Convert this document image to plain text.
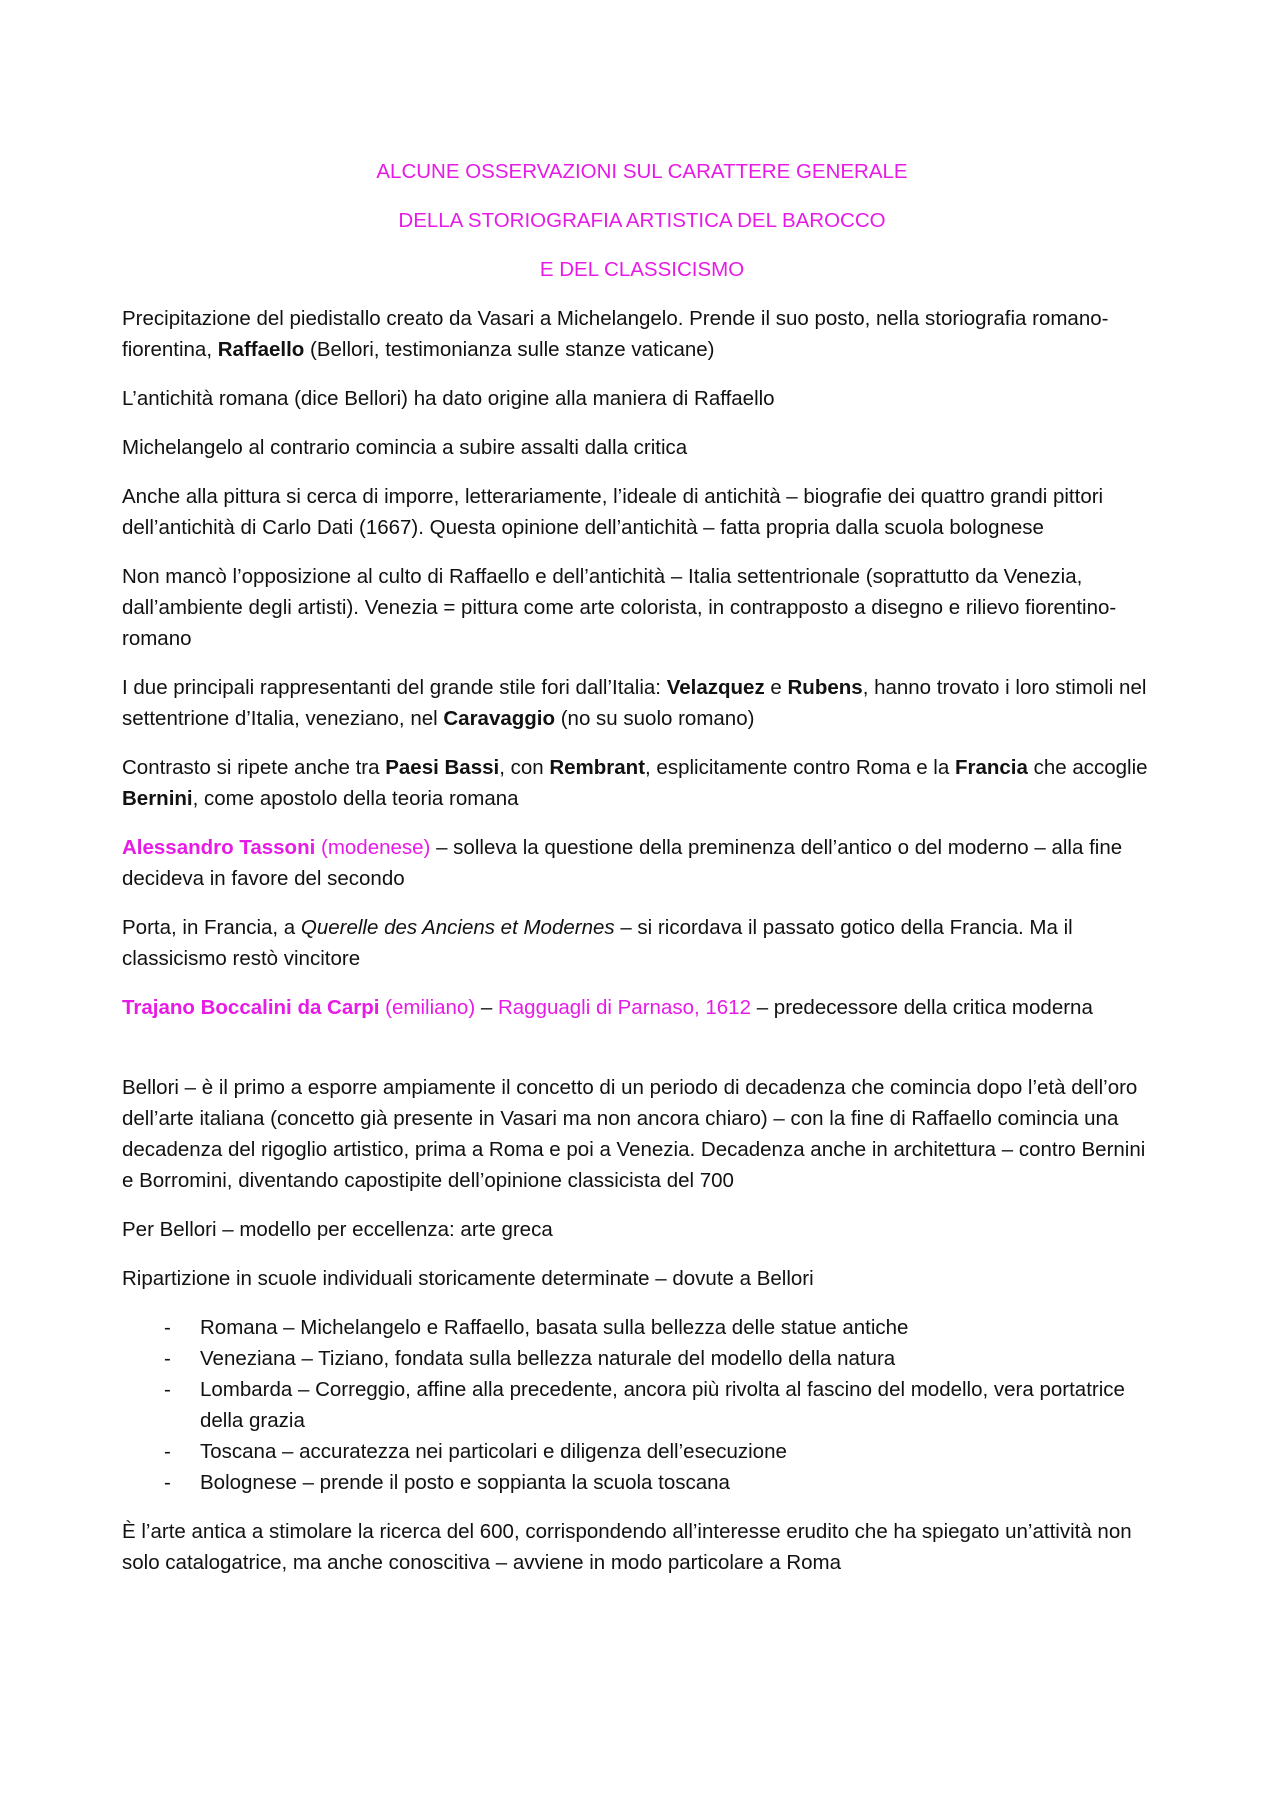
ALCUNE OSSERVAZIONI SUL CARATTERE GENERALE
DELLA STORIOGRAFIA ARTISTICA DEL BAROCCO
E DEL CLASSICISMO

Precipitazione del piedistallo creato da Vasari a Michelangelo. Prende il suo posto, nella storiografia romano-fiorentina, Raffaello (Bellori, testimonianza sulle stanze vaticane)

L’antichità romana (dice Bellori) ha dato origine alla maniera di Raffaello

Michelangelo al contrario comincia a subire assalti dalla critica

Anche alla pittura si cerca di imporre, letterariamente, l’ideale di antichità – biografie dei quattro grandi pittori dell’antichità di Carlo Dati (1667). Questa opinione dell’antichità – fatta propria dalla scuola bolognese

Non mancò l’opposizione al culto di Raffaello e dell’antichità – Italia settentrionale (soprattutto da Venezia, dall’ambiente degli artisti). Venezia = pittura come arte colorista, in contrapposto a disegno e rilievo fiorentino-romano

I due principali rappresentanti del grande stile fori dall’Italia: Velazquez e Rubens, hanno trovato i loro stimoli nel settentrione d’Italia, veneziano, nel Caravaggio (no su suolo romano)

Contrasto si ripete anche tra Paesi Bassi, con Rembrant, esplicitamente contro Roma e la Francia che accoglie Bernini, come apostolo della teoria romana

Alessandro Tassoni (modenese) – solleva la questione della preminenza dell’antico o del moderno – alla fine decideva in favore del secondo

Porta, in Francia, a Querelle des Anciens et Modernes – si ricordava il passato gotico della Francia. Ma il classicismo restò vincitore

Trajano Boccalini da Carpi (emiliano) – Ragguagli di Parnaso, 1612 – predecessore della critica moderna

Bellori – è il primo a esporre ampiamente il concetto di un periodo di decadenza che comincia dopo l’età dell’oro dell’arte italiana (concetto già presente in Vasari ma non ancora chiaro) – con la fine di Raffaello comincia una decadenza del rigoglio artistico, prima a Roma e poi a Venezia. Decadenza anche in architettura – contro Bernini e Borromini, diventando capostipite dell’opinione classicista del 700

Per Bellori – modello per eccellenza: arte greca

Ripartizione in scuole individuali storicamente determinate – dovute a Bellori

- Romana – Michelangelo e Raffaello, basata sulla bellezza delle statue antiche
- Veneziana – Tiziano, fondata sulla bellezza naturale del modello della natura
- Lombarda – Correggio, affine alla precedente, ancora più rivolta al fascino del modello, vera portatrice della grazia
- Toscana – accuratezza nei particolari e diligenza dell’esecuzione
- Bolognese – prende il posto e soppianta la scuola toscana

È l’arte antica a stimolare la ricerca del 600, corrispondendo all’interesse erudito che ha spiegato un’attività non solo catalogatrice, ma anche conoscitiva – avviene in modo particolare a Roma
